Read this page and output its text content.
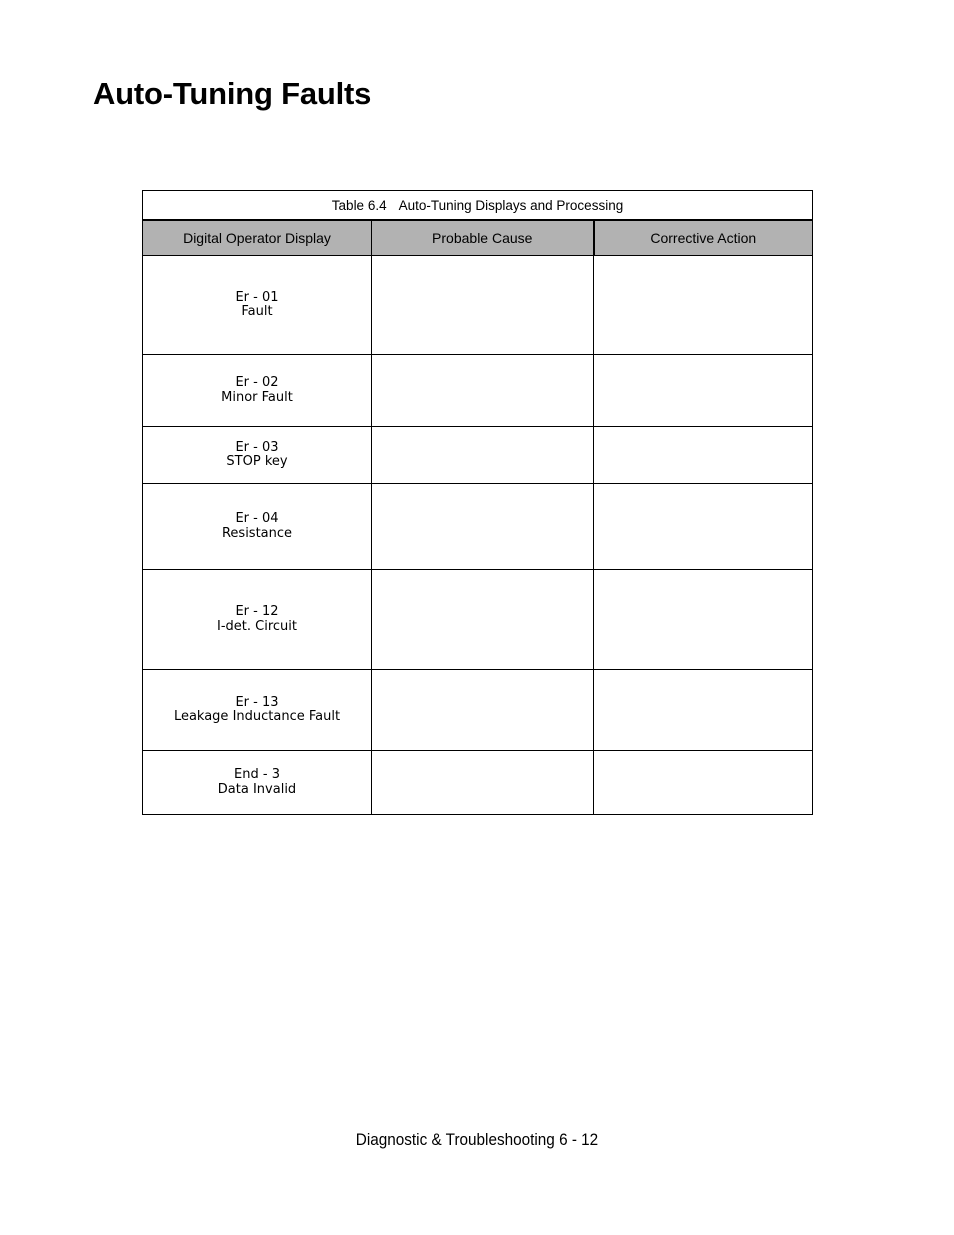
Auto-Tuning Faults
Table 6.4 Auto-Tuning Displays and Processing		
Digital Operator Display	Probable Cause	Corrective Action

Er - 01
Fault		

Er - 02
Minor Fault		

Er - 03
STOP key		

Er - 04
Resistance		

Er - 12
I-det. Circuit		

Er - 13
Leakage Inductance Fault		

End - 3
Data Invalid		

Diagnostic & Troubleshooting 6 - 12
